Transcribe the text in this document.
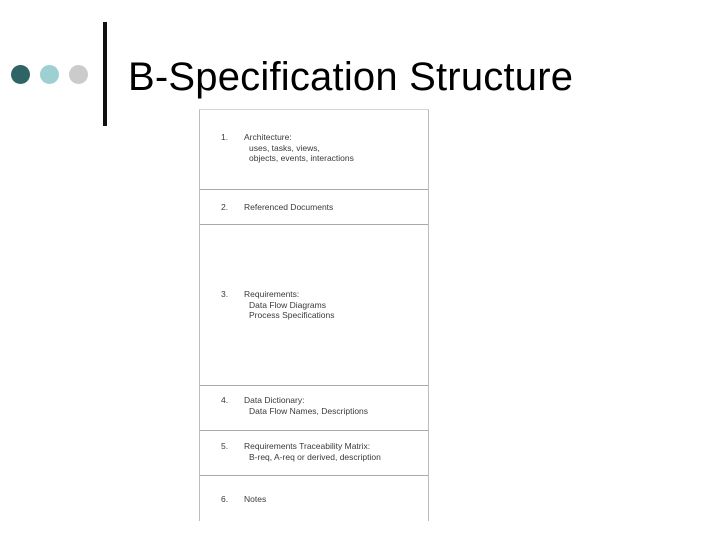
B-Specification Structure
1. Architecture:
uses, tasks, views,
objects, events, interactions
2. Referenced Documents
3. Requirements:
Data Flow Diagrams
Process Specifications
4. Data Dictionary:
Data Flow Names, Descriptions
5. Requirements Traceability Matrix:
B-req, A-req or derived, description
6. Notes
